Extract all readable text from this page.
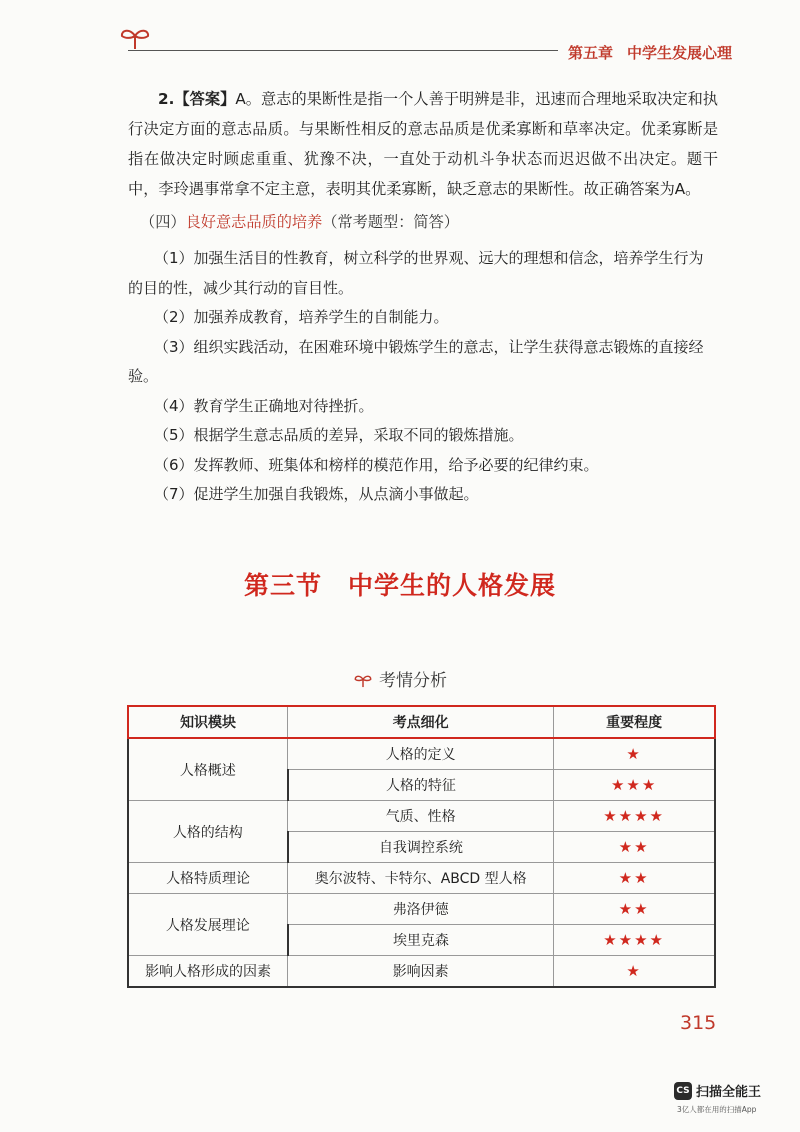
第五章 中学生发展心理
2.【答案】A。意志的果断性是指一个人善于明辨是非，迅速而合理地采取决定和执行决定方面的意志品质。与果断性相反的意志品质是优柔寡断和草率决定。优柔寡断是指在做决定时顾虑重重、犹豫不决，一直处于动机斗争状态而迟迟做不出决定。题干中，李玲遇事常拿不定主意，表明其优柔寡断，缺乏意志的果断性。故正确答案为A。
（四）良好意志品质的培养（常考题型：简答）
（1）加强生活目的性教育，树立科学的世界观、远大的理想和信念，培养学生行为的目的性，减少其行动的盲目性。
（2）加强养成教育，培养学生的自制能力。
（3）组织实践活动，在困难环境中锻炼学生的意志，让学生获得意志锻炼的直接经验。
（4）教育学生正确地对待挫折。
（5）根据学生意志品质的差异，采取不同的锻炼措施。
（6）发挥教师、班集体和榜样的模范作用，给予必要的纪律约束。
（7）促进学生加强自我锻炼，从点滴小事做起。
第三节 中学生的人格发展
考情分析
知识模块	考点细化	重要程度
人格概述	人格的定义	★
	人格的特征	★★★
人格的结构	气质、性格	★★★★
	自我调控系统	★★
人格特质理论	奥尔波特、卡特尔、ABCD 型人格	★★
人格发展理论	弗洛伊德	★★
	埃里克森	★★★★
影响人格形成的因素	影响因素	★
315
CS 扫描全能王
3亿人都在用的扫描App
